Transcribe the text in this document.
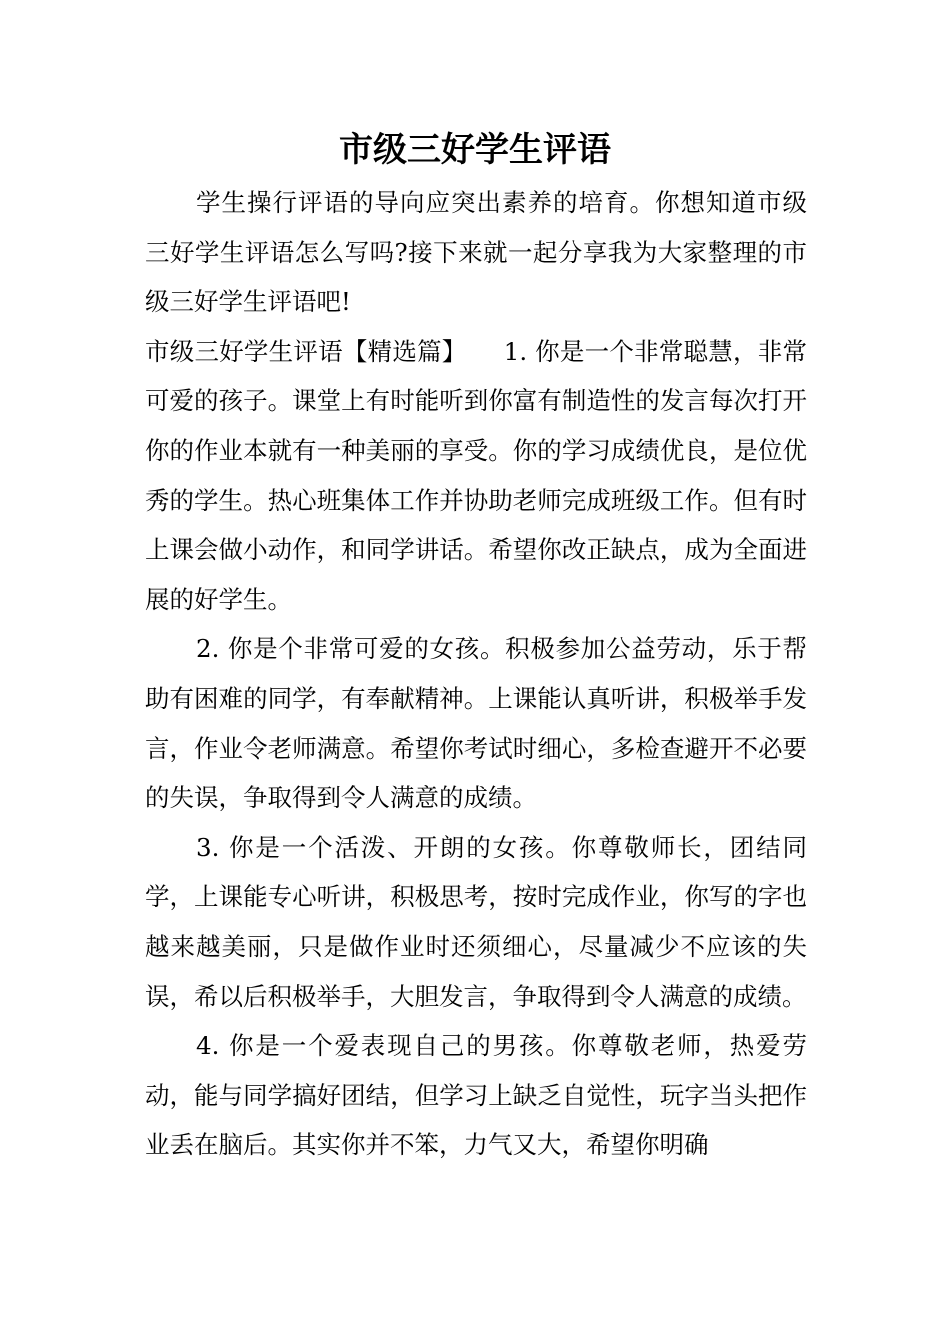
市级三好学生评语

学生操行评语的导向应突出素养的培育。你想知道市级三好学生评语怎么写吗?接下来就一起分享我为大家整理的市级三好学生评语吧!

市级三好学生评语【精选篇】　　1. 你是一个非常聪慧，非常可爱的孩子。课堂上有时能听到你富有制造性的发言每次打开你的作业本就有一种美丽的享受。你的学习成绩优良，是位优秀的学生。热心班集体工作并协助老师完成班级工作。但有时上课会做小动作，和同学讲话。希望你改正缺点，成为全面进展的好学生。

2. 你是个非常可爱的女孩。积极参加公益劳动，乐于帮助有困难的同学，有奉献精神。上课能认真听讲，积极举手发言，作业令老师满意。希望你考试时细心，多检查避开不必要的失误，争取得到令人满意的成绩。

3. 你是一个活泼、开朗的女孩。你尊敬师长，团结同学，上课能专心听讲，积极思考，按时完成作业，你写的字也越来越美丽，只是做作业时还须细心，尽量减少不应该的失误，希以后积极举手，大胆发言，争取得到令人满意的成绩。

4. 你是一个爱表现自己的男孩。你尊敬老师，热爱劳动，能与同学搞好团结，但学习上缺乏自觉性，玩字当头把作业丢在脑后。其实你并不笨，力气又大，希望你明确
